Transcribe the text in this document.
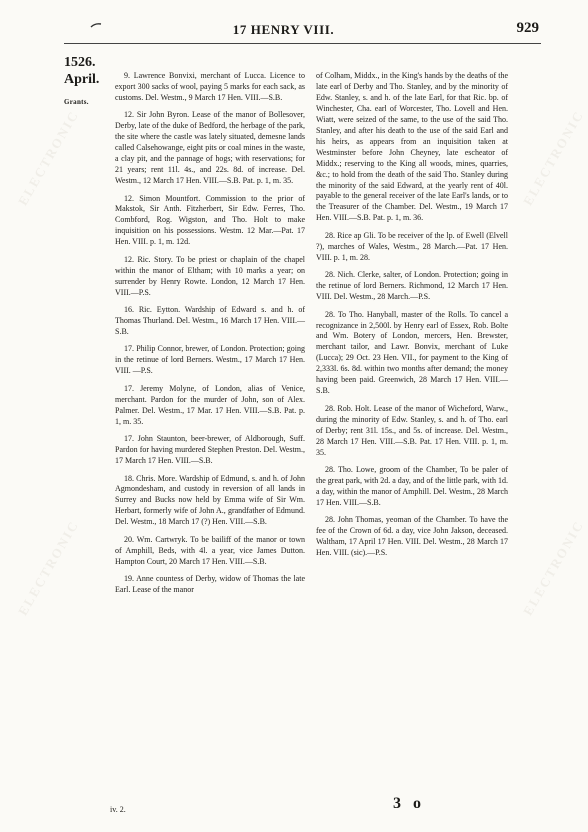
17 HENRY VIII.	929
1526.
April.
Grants.
ELECTRONIC
ELECTRONIC
ELECTRONIC
ELECTRONIC

9. Lawrence Bonvixi, merchant of Lucca. Licence to export 300 sacks of wool, paying 5 marks for each sack, as customs. Del. Westm., 9 March 17 Hen. VIII.—S.B.

12. Sir John Byron. Lease of the manor of Bollesover, Derby, late of the duke of Bedford, the herbage of the park, the site where the castle was lately situated, demesne lands called Calsehowange, eight pits or coal mines in the waste, a clay pit, and the pannage of hogs; with reservations; for 21 years; rent 11l. 4s., and 22s. 8d. of increase. Del. Westm., 12 March 17 Hen. VIII.—S.B. Pat. p. 1, m. 35.

12. Simon Mountfort. Commission to the prior of Makstok, Sir Anth. Fitzherbert, Sir Edw. Ferres, Tho. Combford, Rog. Wigston, and Tho. Holt to make inquisition on his possessions. Westm. 12 Mar.—Pat. 17 Hen. VIII. p. 1, m. 12d.

12. Ric. Story. To be priest or chaplain of the chapel within the manor of Eltham; with 10 marks a year; on surrender by Henry Rowte. London, 12 March 17 Hen. VIII.—P.S.

16. Ric. Eytton. Wardship of Edward s. and h. of Thomas Thurland. Del. Westm., 16 March 17 Hen. VIII.—S.B.

17. Philip Connor, brewer, of London. Protection; going in the retinue of lord Berners. Westm., 17 March 17 Hen. VIII. —P.S.

17. Jeremy Molyne, of London, alias of Venice, merchant. Pardon for the murder of John, son of Alex. Palmer. Del. Westm., 17 Mar. 17 Hen. VIII.—S.B. Pat. p. 1, m. 35.

17. John Staunton, beer-brewer, of Aldborough, Suff. Pardon for having murdered Stephen Preston. Del. Westm., 17 March 17 Hen. VIII.—S.B.

18. Chris. More. Wardship of Edmund, s. and h. of John Agmondesham, and custody in reversion of all lands in Surrey and Bucks now held by Emma wife of Sir Wm. Herbart, formerly wife of John A., grandfather of Edmund. Del. Westm., 18 March 17 (?) Hen. VIII.—S.B.

20. Wm. Cartwryk. To be bailiff of the manor or town of Amphill, Beds, with 4l. a year, vice James Dutton. Hampton Court, 20 March 17 Hen. VIII.—S.B.

19. Anne countess of Derby, widow of Thomas the late Earl. Lease of the manor

of Colham, Middx., in the King's hands by the deaths of the late earl of Derby and Tho. Stanley, and by the minority of Edw. Stanley, s. and h. of the late Earl, for that Ric. bp. of Winchester, Cha. earl of Worcester, Tho. Lovell and Hen. Wiatt, were seized of the same, to the use of the said Tho. Stanley, and after his death to the use of the said Earl and his heirs, as appears from an inquisition taken at Westminster before John Cheyney, late escheator of Middx.; reserving to the King all woods, mines, quarries, &c.; to hold from the death of the said Tho. Stanley during the minority of the said Edward, at the yearly rent of 40l. payable to the general receiver of the late Earl's lands, or to the Treasurer of the Chamber. Del. Westm., 19 March 17 Hen. VIII.—S.B. Pat. p. 1, m. 36.

28. Rice ap Gli. To be receiver of the lp. of Ewell (Elvell ?), marches of Wales, Westm., 28 March.—Pat. 17 Hen. VIII. p. 1, m. 28.

28. Nich. Clerke, salter, of London. Protection; going in the retinue of lord Berners. Richmond, 12 March 17 Hen. VIII. Del. Westm., 28 March.—P.S.

28. To Tho. Hanyball, master of the Rolls. To cancel a recognizance in 2,500l. by Henry earl of Essex, Rob. Bolte and Wm. Botery of London, mercers, Hen. Brewster, merchant tailor, and Lawr. Bonvix, merchant of Luke (Lucca); 29 Oct. 23 Hen. VII., for payment to the King of 2,333l. 6s. 8d. within two months after demand; the money having been paid. Greenwich, 28 March 17 Hen. VIII.—S.B.

28. Rob. Holt. Lease of the manor of Wicheford, Warw., during the minority of Edw. Stanley, s. and h. of Tho. earl of Derby; rent 31l. 15s., and 5s. of increase. Del. Westm., 28 March 17 Hen. VIII.—S.B. Pat. 17 Hen. VIII. p. 1, m. 35.

28. Tho. Lowe, groom of the Chamber, To be paler of the great park, with 2d. a day, and of the little park, with 1d. a day, within the manor of Amphill. Del. Westm., 28 March 17 Hen. VIII.—S.B.

28. John Thomas, yeoman of the Chamber. To have the fee of the Crown of 6d. a day, vice John Jakson, deceased. Waltham, 17 April 17 Hen. VIII. Del. Westm., 28 March 17 Hen. VIII. (sic).—P.S.

iv. 2.	3 o
